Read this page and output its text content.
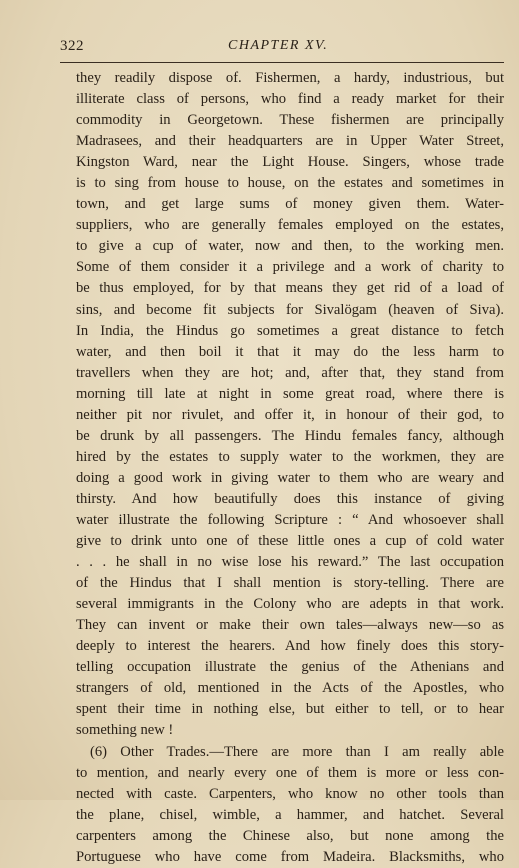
322	CHAPTER XV.
they readily dispose of. Fishermen, a hardy, industrious, but
illiterate class of persons, who find a ready market for their
commodity in Georgetown. These fishermen are principally
Madrasees, and their headquarters are in Upper Water Street,
Kingston Ward, near the Light House. Singers, whose trade
is to sing from house to house, on the estates and sometimes in
town, and get large sums of money given them. Water-
suppliers, who are generally females employed on the estates,
to give a cup of water, now and then, to the working men.
Some of them consider it a privilege and a work of charity to
be thus employed, for by that means they get rid of a load of
sins, and become fit subjects for Sivalögam (heaven of Siva).
In India, the Hindus go sometimes a great distance to fetch
water, and then boil it that it may do the less harm to
travellers when they are hot; and, after that, they stand from
morning till late at night in some great road, where there is
neither pit nor rivulet, and offer it, in honour of their god, to
be drunk by all passengers. The Hindu females fancy, although
hired by the estates to supply water to the workmen, they are
doing a good work in giving water to them who are weary and
thirsty. And how beautifully does this instance of giving
water illustrate the following Scripture : “ And whosoever shall
give to drink unto one of these little ones a cup of cold water
. . . he shall in no wise lose his reward.” The last occupation
of the Hindus that I shall mention is story-telling. There are
several immigrants in the Colony who are adepts in that work.
They can invent or make their own tales—always new—so as
deeply to interest the hearers. And how finely does this story-
telling occupation illustrate the genius of the Athenians and
strangers of old, mentioned in the Acts of the Apostles, who
spent their time in nothing else, but either to tell, or to hear
something new !
(6) Other Trades.—There are more than I am really able
to mention, and nearly every one of them is more or less con-
nected with caste. Carpenters, who know no other tools than
the plane, chisel, wimble, a hammer, and hatchet. Several
carpenters among the Chinese also, but none among the
Portuguese who have come from Madeira. Blacksmiths, who
